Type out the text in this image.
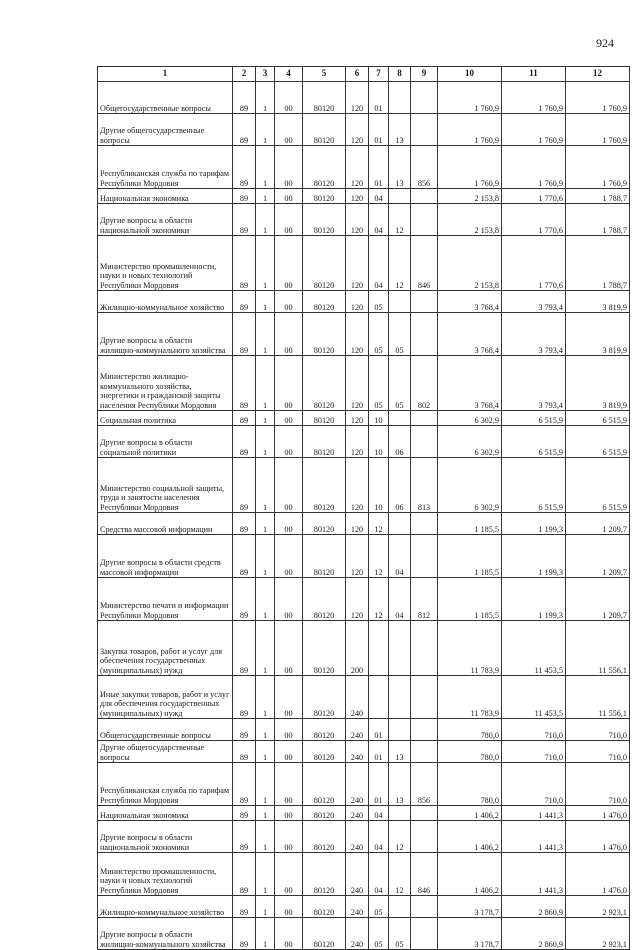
924
1	2	3	4	5	6	7	8	9	10	11	12
Общегосударственные вопросы	89	1	00	80120	120	01			1 760,9	1 760,9	1 760,9
Другие общегосударственные вопросы	89	1	00	80120	120	01	13		1 760,9	1 760,9	1 760,9
Республиканская служба по тарифам Республики Мордовия	89	1	00	80120	120	01	13	856	1 760,9	1 760,9	1 760,9
Национальная экономика	89	1	00	80120	120	04			2 153,8	1 770,6	1 788,7
Другие вопросы в области национальной экономики	89	1	00	80120	120	04	12		2 153,8	1 770,6	1 788,7
Министерство промышленности, науки и новых технологий Республики Мордовия	89	1	00	80120	120	04	12	846	2 153,8	1 770,6	1 788,7
Жилищно-коммунальное хозяйство	89	1	00	80120	120	05			3 768,4	3 793,4	3 819,9
Другие вопросы в области жилищно-коммунального хозяйства	89	1	00	80120	120	05	05		3 768,4	3 793,4	3 819,9
Министерство жилищно-коммунального хозяйства, энергетики и гражданской защиты населения Республики Мордовия	89	1	00	80120	120	05	05	802	3 768,4	3 793,4	3 819,9
Социальная политика	89	1	00	80120	120	10			6 302,9	6 515,9	6 515,9
Другие вопросы в области социальной политики	89	1	00	80120	120	10	06		6 302,9	6 515,9	6 515,9
Министерство социальной защиты, труда и занятости населения Республики Мордовия	89	1	00	80120	120	10	06	813	6 302,9	6 515,9	6 515,9
Средства массовой информации	89	1	00	80120	120	12			1 185,5	1 199,3	1 209,7
Другие вопросы в области средств массовой информации	89	1	00	80120	120	12	04		1 185,5	1 199,3	1 209,7
Министерство печати и информации Республики Мордовия	89	1	00	80120	120	12	04	812	1 185,5	1 199,3	1 209,7
Закупка товаров, работ и услуг для обеспечения государственных (муниципальных) нужд	89	1	00	80120	200				11 783,9	11 453,5	11 556,1
Иные закупки товаров, работ и услуг для обеспечения государственных (муниципальных) нужд	89	1	00	80120	240				11 783,9	11 453,5	11 556,1
Общегосударственные вопросы	89	1	00	80120	240	01			780,0	710,0	710,0
Другие общегосударственные вопросы	89	1	00	80120	240	01	13		780,0	710,0	710,0
Республиканская служба по тарифам Республики Мордовия	89	1	00	80120	240	01	13	856	780,0	710,0	710,0
Национальная экономика	89	1	00	80120	240	04			1 406,2	1 441,3	1 476,0
Другие вопросы в области национальной экономики	89	1	00	80120	240	04	12		1 406,2	1 441,3	1 476,0
Министерство промышленности, науки и новых технологий Республики Мордовия	89	1	00	80120	240	04	12	846	1 406,2	1 441,3	1 476,0
Жилищно-коммунальное хозяйство	89	1	00	80120	240	05			3 178,7	2 860,9	2 923,1
Другие вопросы в области жилищно-коммунального хозяйства	89	1	00	80120	240	05	05		3 178,7	2 860,9	2 923,1
